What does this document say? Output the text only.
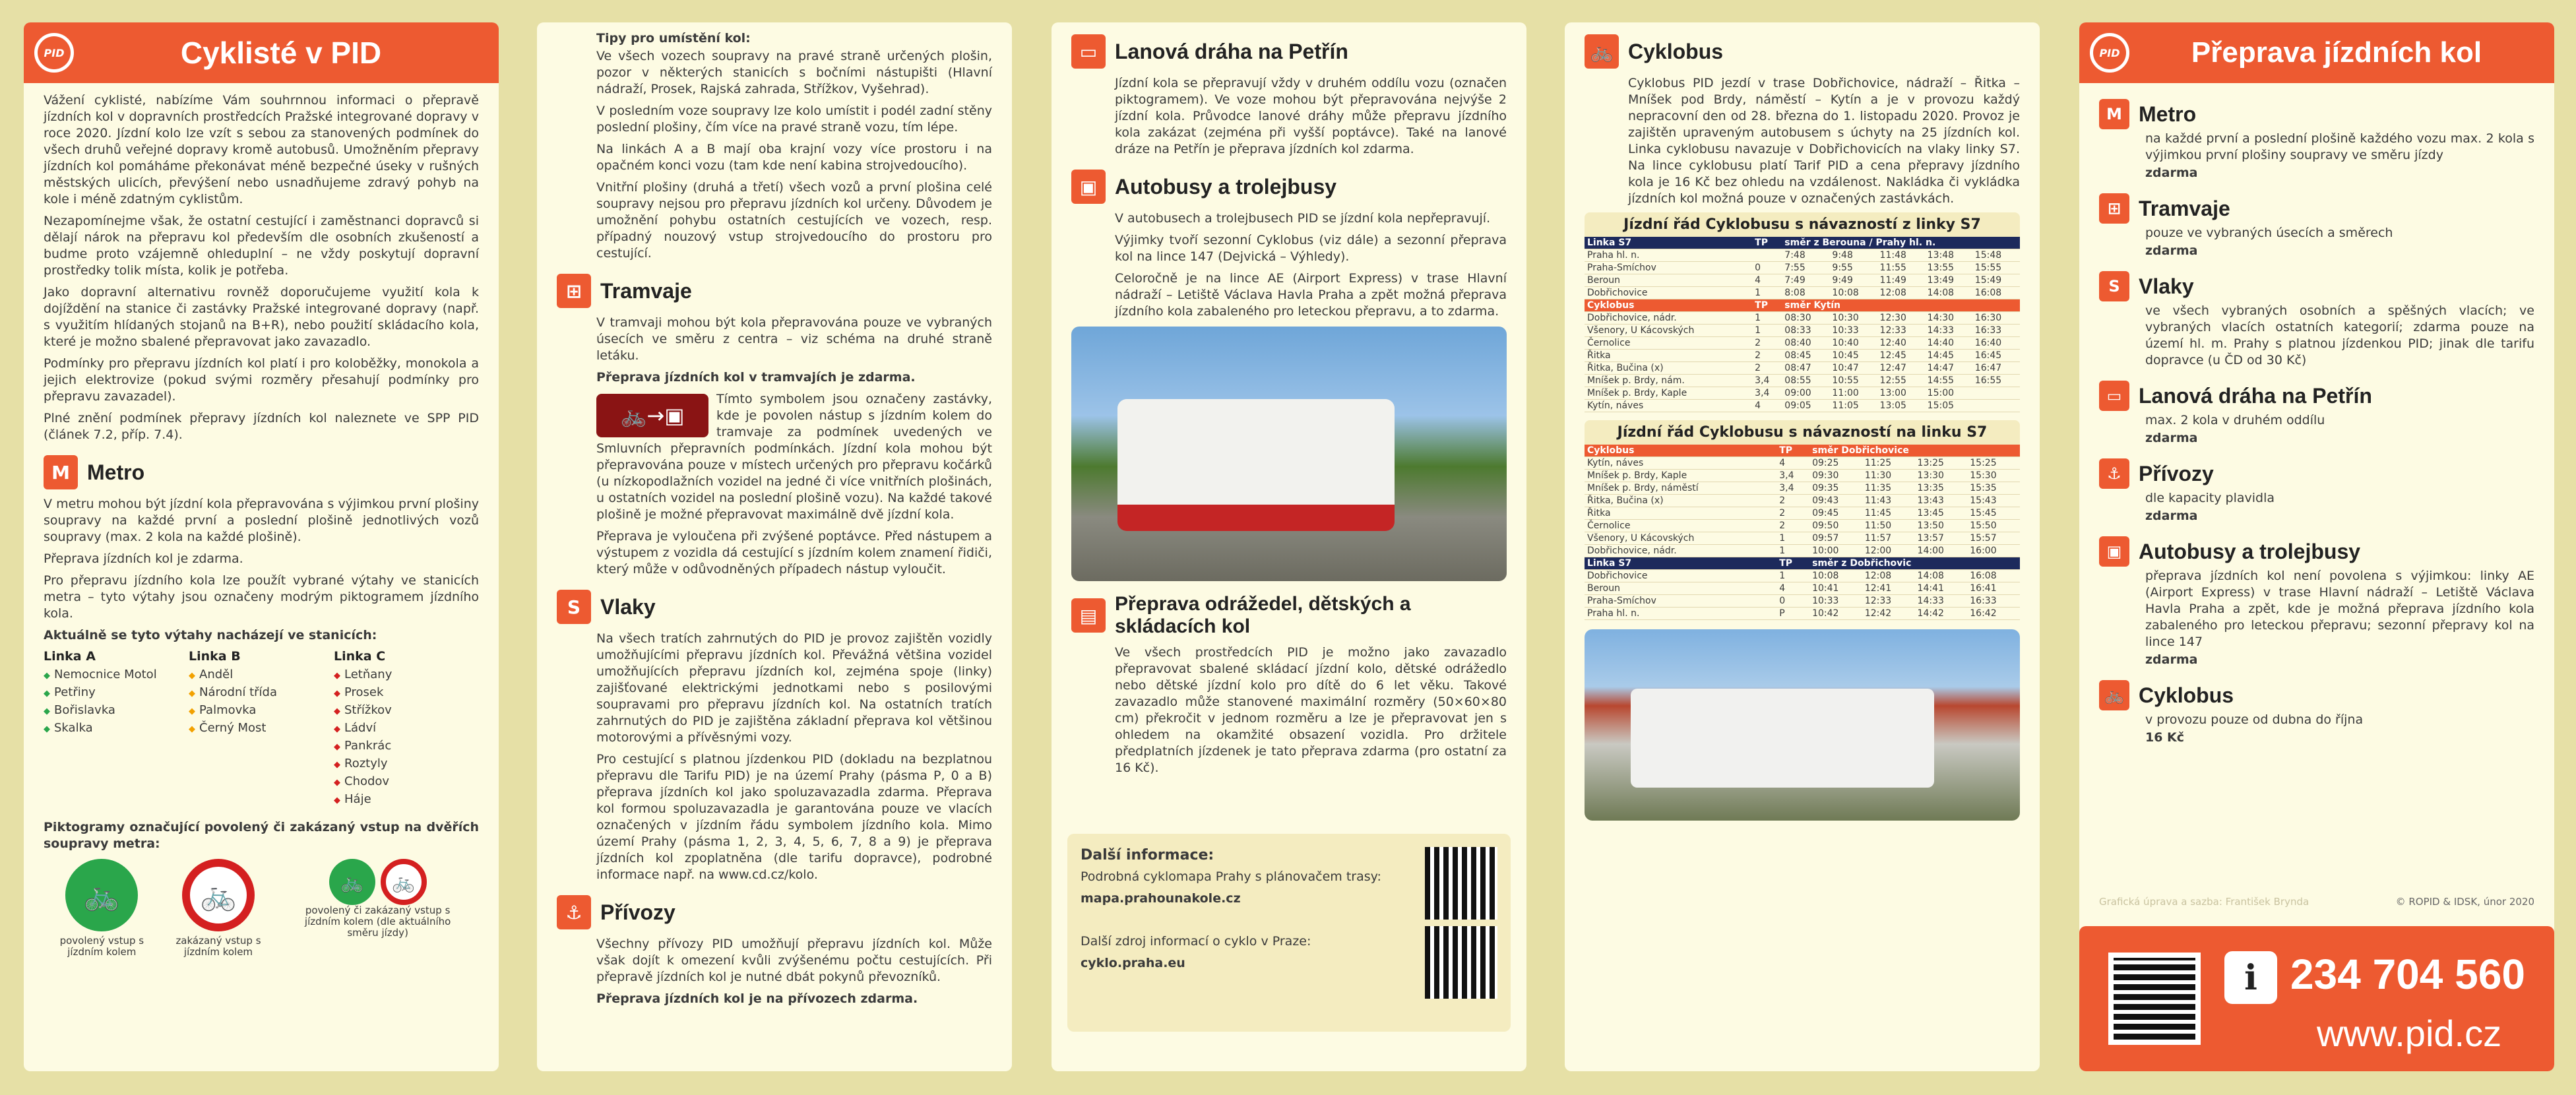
PID	Cyklisté v PID

Vážení cyklisté, nabízíme Vám souhrnnou informaci o přepravě jízdních kol v dopravních prostředcích Pražské integrované dopravy v roce 2020. Jízdní kolo lze vzít s sebou za stanovených podmínek do všech druhů veřejné dopravy kromě autobusů. Umožněním přepravy jízdních kol pomáháme překonávat méně bezpečné úseky v rušných městských ulicích, převýšení nebo usnadňujeme zdravý pohyb na kole i méně zdatným cyklistům.

Nezapomínejme však, že ostatní cestující i zaměstnanci dopravců si dělají nárok na přepravu kol především dle osobních zkušeností a budme proto vzájemně ohleduplní – ne vždy poskytují dopravní prostředky tolik místa, kolik je potřeba.

Jako dopravní alternativu rovněž doporučujeme využití kola k dojíždění na stanice či zastávky Pražské integrované dopravy (např. s využitím hlídaných stojanů na B+R), nebo použití skládacího kola, které je možno sbalené přepravovat jako zavazadlo.

Podmínky pro přepravu jízdních kol platí i pro koloběžky, monokola a jejich elektrovize (pokud svými rozměry přesahují podmínky pro přepravu zavazadel).

Plné znění podmínek přepravy jízdních kol naleznete ve SPP PID (článek 7.2, příp. 7.4).

M Metro

V metru mohou být jízdní kola přepravována s výjimkou první plošiny soupravy na každé první a poslední plošině jednotlivých vozů soupravy (max. 2 kola na každé plošině).

Přeprava jízdních kol je zdarma.

Pro přepravu jízdního kola lze použít vybrané výtahy ve stanicích metra – tyto výtahy jsou označeny modrým piktogramem jízdního kola.

Aktuálně se tyto výtahy nacházejí ve stanicích:

Linka A
◆ Nemocnice Motol
◆ Petřiny
◆ Bořislavka
◆ Skalka
Linka B
◆ Anděl
◆ Národní třída
◆ Palmovka
◆ Černý Most
Linka C
◆ Letňany
◆ Prosek
◆ Střížkov
◆ Ládví
◆ Pankrác
◆ Roztyly
◆ Chodov
◆ Háje

Piktogramy označující povolený či zakázaný vstup na dvěřích soupravy metra:

🚲
povolený vstup s jízdním kolem
🚲
zakázaný vstup s jízdním kolem
🚲	🚲
povolený či zakázaný vstup s jízdním kolem (dle aktuálního směru jízdy)

Tipy pro umístění kol:

Ve všech vozech soupravy na pravé straně určených plošin, pozor v některých stanicích s bočními nástupišti (Hlavní nádraží, Prosek, Rajská zahrada, Střížkov, Vyšehrad).

V posledním voze soupravy lze kolo umístit i podél zadní stěny poslední plošiny, čím více na pravé straně vozu, tím lépe.

Na linkách A a B mají oba krajní vozy více prostoru i na opačném konci vozu (tam kde není kabina strojvedoucího).

Vnitřní plošiny (druhá a třetí) všech vozů a první plošina celé soupravy nejsou pro přepravu jízdních kol určeny. Důvodem je umožnění pohybu ostatních cestujících ve vozech, resp. případný nouzový vstup strojvedoucího do prostoru pro cestující.

⊞ Tramvaje

V tramvaji mohou být kola přepravována pouze ve vybraných úsecích ve směru z centra – viz schéma na druhé straně letáku.

Přeprava jízdních kol v tramvajích je zdarma.

🚲→▣

Tímto symbolem jsou označeny zastávky, kde je povolen nástup s jízdním kolem do tramvaje za podmínek uvedených ve Smluvních přepravních podmínkách. Jízdní kola mohou být přepravována pouze v místech určených pro přepravu kočárků (u nízkopodlažních vozidel na jedné či více vnitřních plošinách, u ostatních vozidel na poslední plošině vozu). Na každé takové plošině je možné přepravovat maximálně dvě jízdní kola.

Přeprava je vyloučena při zvýšené poptávce. Před nástupem a výstupem z vozidla dá cestující s jízdním kolem znamení řidiči, který může v odůvodněných případech nástup vyloučit.

S Vlaky

Na všech tratích zahrnutých do PID je provoz zajištěn vozidly umožňujícími přepravu jízdních kol. Převážná většina vozidel umožňujících přepravu jízdních kol, zejména spoje (linky) zajišťované elektrickými jednotkami nebo s posilovými soupravami pro přepravu jízdních kol. Na ostatních tratích zahrnutých do PID je zajištěna základní přeprava kol většinou motorovými a přívěsnými vozy.

Pro cestující s platnou jízdenkou PID (dokladu na bezplatnou přepravu dle Tarifu PID) je na území Prahy (pásma P, 0 a B) přeprava jízdních kol jako spoluzavazadla zdarma. Přeprava kol formou spoluzavazadla je garantována pouze ve vlacích označených v jízdním řádu symbolem jízdního kola. Mimo území Prahy (pásma 1, 2, 3, 4, 5, 6, 7, 8 a 9) je přeprava jízdních kol zpoplatněna (dle tarifu dopravce), podrobné informace např. na www.cd.cz/kolo.

⚓ Přívozy

Všechny přívozy PID umožňují přepravu jízdních kol. Může však dojít k omezení kvůli zvýšenému počtu cestujících. Při přepravě jízdních kol je nutné dbát pokynů převozníků.

Přeprava jízdních kol je na přívozech zdarma.

▭ Lanová dráha na Petřín

Jízdní kola se přepravují vždy v druhém oddílu vozu (označen piktogramem). Ve voze mohou být přepravována nejvýše 2 jízdní kola. Průvodce lanové dráhy může přepravu jízdního kola zakázat (zejména při vyšší poptávce). Také na lanové dráze na Petřín je přeprava jízdních kol zdarma.

▣ Autobusy a trolejbusy

V autobusech a trolejbusech PID se jízdní kola nepřepravují.

Výjimky tvoří sezonní Cyklobus (viz dále) a sezonní přeprava kol na lince 147 (Dejvická – Výhledy).

Celoročně je na lince AE (Airport Express) v trase Hlavní nádraží – Letiště Václava Havla Praha a zpět možná přeprava jízdního kola zabaleného pro leteckou přepravu, a to zdarma.

▤
Přeprava odrážedel, dětských a skládacích kol

Ve všech prostředcích PID je možno jako zavazadlo přepravovat sbalené skládací jízdní kolo, dětské odrážedlo nebo dětské jízdní kolo pro dítě do 6 let věku. Takové zavazadlo může stanovené maximální rozměry (50×60×80 cm) překročit v jednom rozměru a lze je přepravovat jen s ohledem na okamžité obsazení vozidla. Pro držitele předplatních jízdenek je tato přeprava zdarma (pro ostatní za 16 Kč).

Další informace:

Podrobná cyklomapa Prahy s plánovačem trasy:

mapa.prahounakole.cz

Další zdroj informací o cyklo v Praze:

cyklo.praha.eu

🚲 Cyklobus

Cyklobus PID jezdí v trase Dobřichovice, nádraží – Řitka – Mníšek pod Brdy, náměstí – Kytín a je v provozu každý nepracovní den od 28. března do 1. listopadu 2020. Provoz je zajištěn upraveným autobusem s úchyty na 25 jízdních kol. Linka cyklobusu navazuje v Dobřichovicích na vlaky linky S7. Na lince cyklobusu platí Tarif PID a cena přepravy jízdního kola je 16 Kč bez ohledu na vzdálenost. Nakládka či vykládka jízdních kol možná pouze v označených zastávkách.

Jízdní řád Cyklobusu s návazností z linky S7
Linka S7	TP	směr z Berouna / Prahy hl. n.				
Praha hl. n.		7:48	9:48	11:48	13:48	15:48
Praha-Smíchov	0	7:55	9:55	11:55	13:55	15:55
Beroun	4	7:49	9:49	11:49	13:49	15:49
Dobřichovice	1	8:08	10:08	12:08	14:08	16:08
Cyklobus	TP	směr Kytín				
Dobřichovice, nádr.	1	08:30	10:30	12:30	14:30	16:30
Všenory, U Kácovských	1	08:33	10:33	12:33	14:33	16:33
Černolice	2	08:40	10:40	12:40	14:40	16:40
Řitka	2	08:45	10:45	12:45	14:45	16:45
Řitka, Bučina (x)	2	08:47	10:47	12:47	14:47	16:47
Mníšek p. Brdy, nám.	3,4	08:55	10:55	12:55	14:55	16:55
Mníšek p. Brdy, Kaple	3,4	09:00	11:00	13:00	15:00	
Kytín, náves	4	09:05	11:05	13:05	15:05	
Jízdní řád Cyklobusu s návazností na linku S7
Cyklobus	TP	směr Dobřichovice			
Kytín, náves	4	09:25	11:25	13:25	15:25
Mníšek p. Brdy, Kaple	3,4	09:30	11:30	13:30	15:30
Mníšek p. Brdy, náměstí	3,4	09:35	11:35	13:35	15:35
Řitka, Bučina (x)	2	09:43	11:43	13:43	15:43
Řitka	2	09:45	11:45	13:45	15:45
Černolice	2	09:50	11:50	13:50	15:50
Všenory, U Kácovských	1	09:57	11:57	13:57	15:57
Dobřichovice, nádr.	1	10:00	12:00	14:00	16:00
Linka S7	TP	směr z Dobřichovic			
Dobřichovice	1	10:08	12:08	14:08	16:08
Beroun	4	10:41	12:41	14:41	16:41
Praha-Smíchov	0	10:33	12:33	14:33	16:33
Praha hl. n.	P	10:42	12:42	14:42	16:42
PID	Přeprava jízdních kol
M Metro

na každé první a poslední plošině každého vozu max. 2 kola s výjimkou první plošiny soupravy ve směru jízdy

zdarma

⊞ Tramvaje

pouze ve vybraných úsecích a směrech

zdarma

S Vlaky

ve všech vybraných osobních a spěšných vlacích; ve vybraných vlacích ostatních kategorií; zdarma pouze na území hl. m. Prahy s platnou jízdenkou PID; jinak dle tarifu dopravce (u ČD od 30 Kč)

▭ Lanová dráha na Petřín

max. 2 kola v druhém oddílu

zdarma

⚓ Přívozy

dle kapacity plavidla

zdarma

▣ Autobusy a trolejbusy

přeprava jízdních kol není povolena s výjimkou: linky AE (Airport Express) v trase Hlavní nádraží – Letiště Václava Havla Praha a zpět, kde je možná přeprava jízdního kola zabaleného pro leteckou přepravu; sezonní přepravy kol na lince 147

zdarma

🚲 Cyklobus

v provozu pouze od dubna do října

16 Kč

Grafická úprava a sazba: František Brynda	© ROPID & IDSK, únor 2020
i 234 704 560
www.pid.cz
